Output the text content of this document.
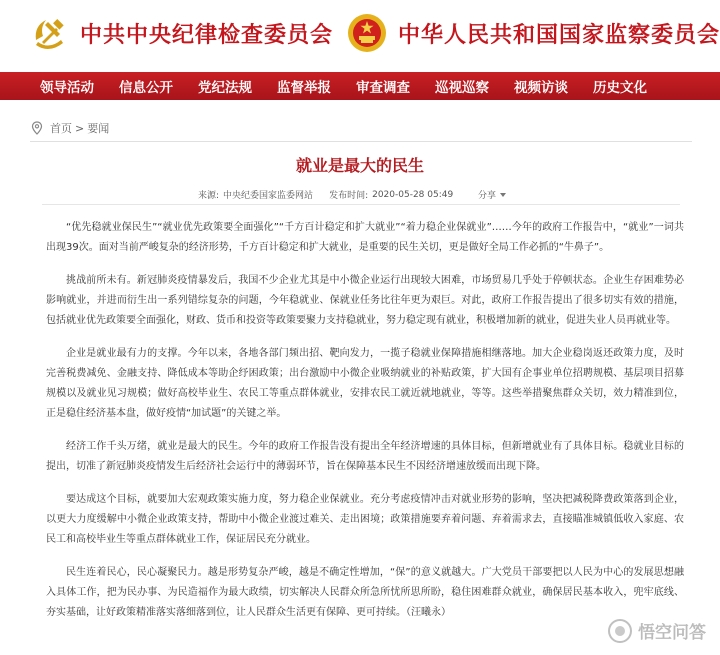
中共中央纪律检查委员会	中华人民共和国国家监察委员会
领导活动 信息公开 党纪法规 监督举报 审查调查 巡视巡察 视频访谈 历史文化
首页 > 要闻
就业是最大的民生
来源: 中央纪委国家监委网站 发布时间: 2020-05-28 05:49	分享

“优先稳就业保民生”“就业优先政策要全面强化”“千方百计稳定和扩大就业”“着力稳企业保就业”……今年的政府工作报告中，“就业”一词共出现39次。面对当前严峻复杂的经济形势，千方百计稳定和扩大就业，是重要的民生关切，更是做好全局工作必抓的“牛鼻子”。

挑战前所未有。新冠肺炎疫情暴发后，我国不少企业尤其是中小微企业运行出现较大困难，市场贸易几乎处于停顿状态。企业生存困难势必影响就业，并进而衍生出一系列错综复杂的问题，今年稳就业、保就业任务比往年更为艰巨。对此，政府工作报告提出了很多切实有效的措施，包括就业优先政策要全面强化，财政、货币和投资等政策要聚力支持稳就业，努力稳定现有就业，积极增加新的就业，促进失业人员再就业等。

企业是就业最有力的支撑。今年以来，各地各部门频出招、靶向发力，一揽子稳就业保障措施相继落地。加大企业稳岗返还政策力度，及时完善税费减免、金融支持、降低成本等助企纾困政策；出台激励中小微企业吸纳就业的补贴政策，扩大国有企事业单位招聘规模、基层项目招募规模以及就业见习规模；做好高校毕业生、农民工等重点群体就业，安排农民工就近就地就业，等等。这些举措聚焦群众关切，效力精准到位，正是稳住经济基本盘，做好疫情“加试题”的关键之举。

经济工作千头万绪，就业是最大的民生。今年的政府工作报告没有提出全年经济增速的具体目标，但新增就业有了具体目标。稳就业目标的提出，切准了新冠肺炎疫情发生后经济社会运行中的薄弱环节，旨在保障基本民生不因经济增速放缓而出现下降。

要达成这个目标，就要加大宏观政策实施力度，努力稳企业保就业。充分考虑疫情冲击对就业形势的影响，坚决把减税降费政策落到企业，以更大力度缓解中小微企业政策支持，帮助中小微企业渡过难关、走出困境；政策措施要弃着问题、弃着需求去，直接瞄准城镇低收入家庭、农民工和高校毕业生等重点群体就业工作，保证居民充分就业。

民生连着民心，民心凝聚民力。越是形势复杂严峻，越是不确定性增加，“保”的意义就越大。广大党员干部要把以人民为中心的发展思想融入具体工作，把为民办事、为民造福作为最大政绩，切实解决人民群众所急所忧所思所盼，稳住困难群众就业，确保居民基本收入，兜牢底线、夯实基础，让好政策精准落实落细落到位，让人民群众生活更有保障、更可持续。（汪曦永）

悟空问答
